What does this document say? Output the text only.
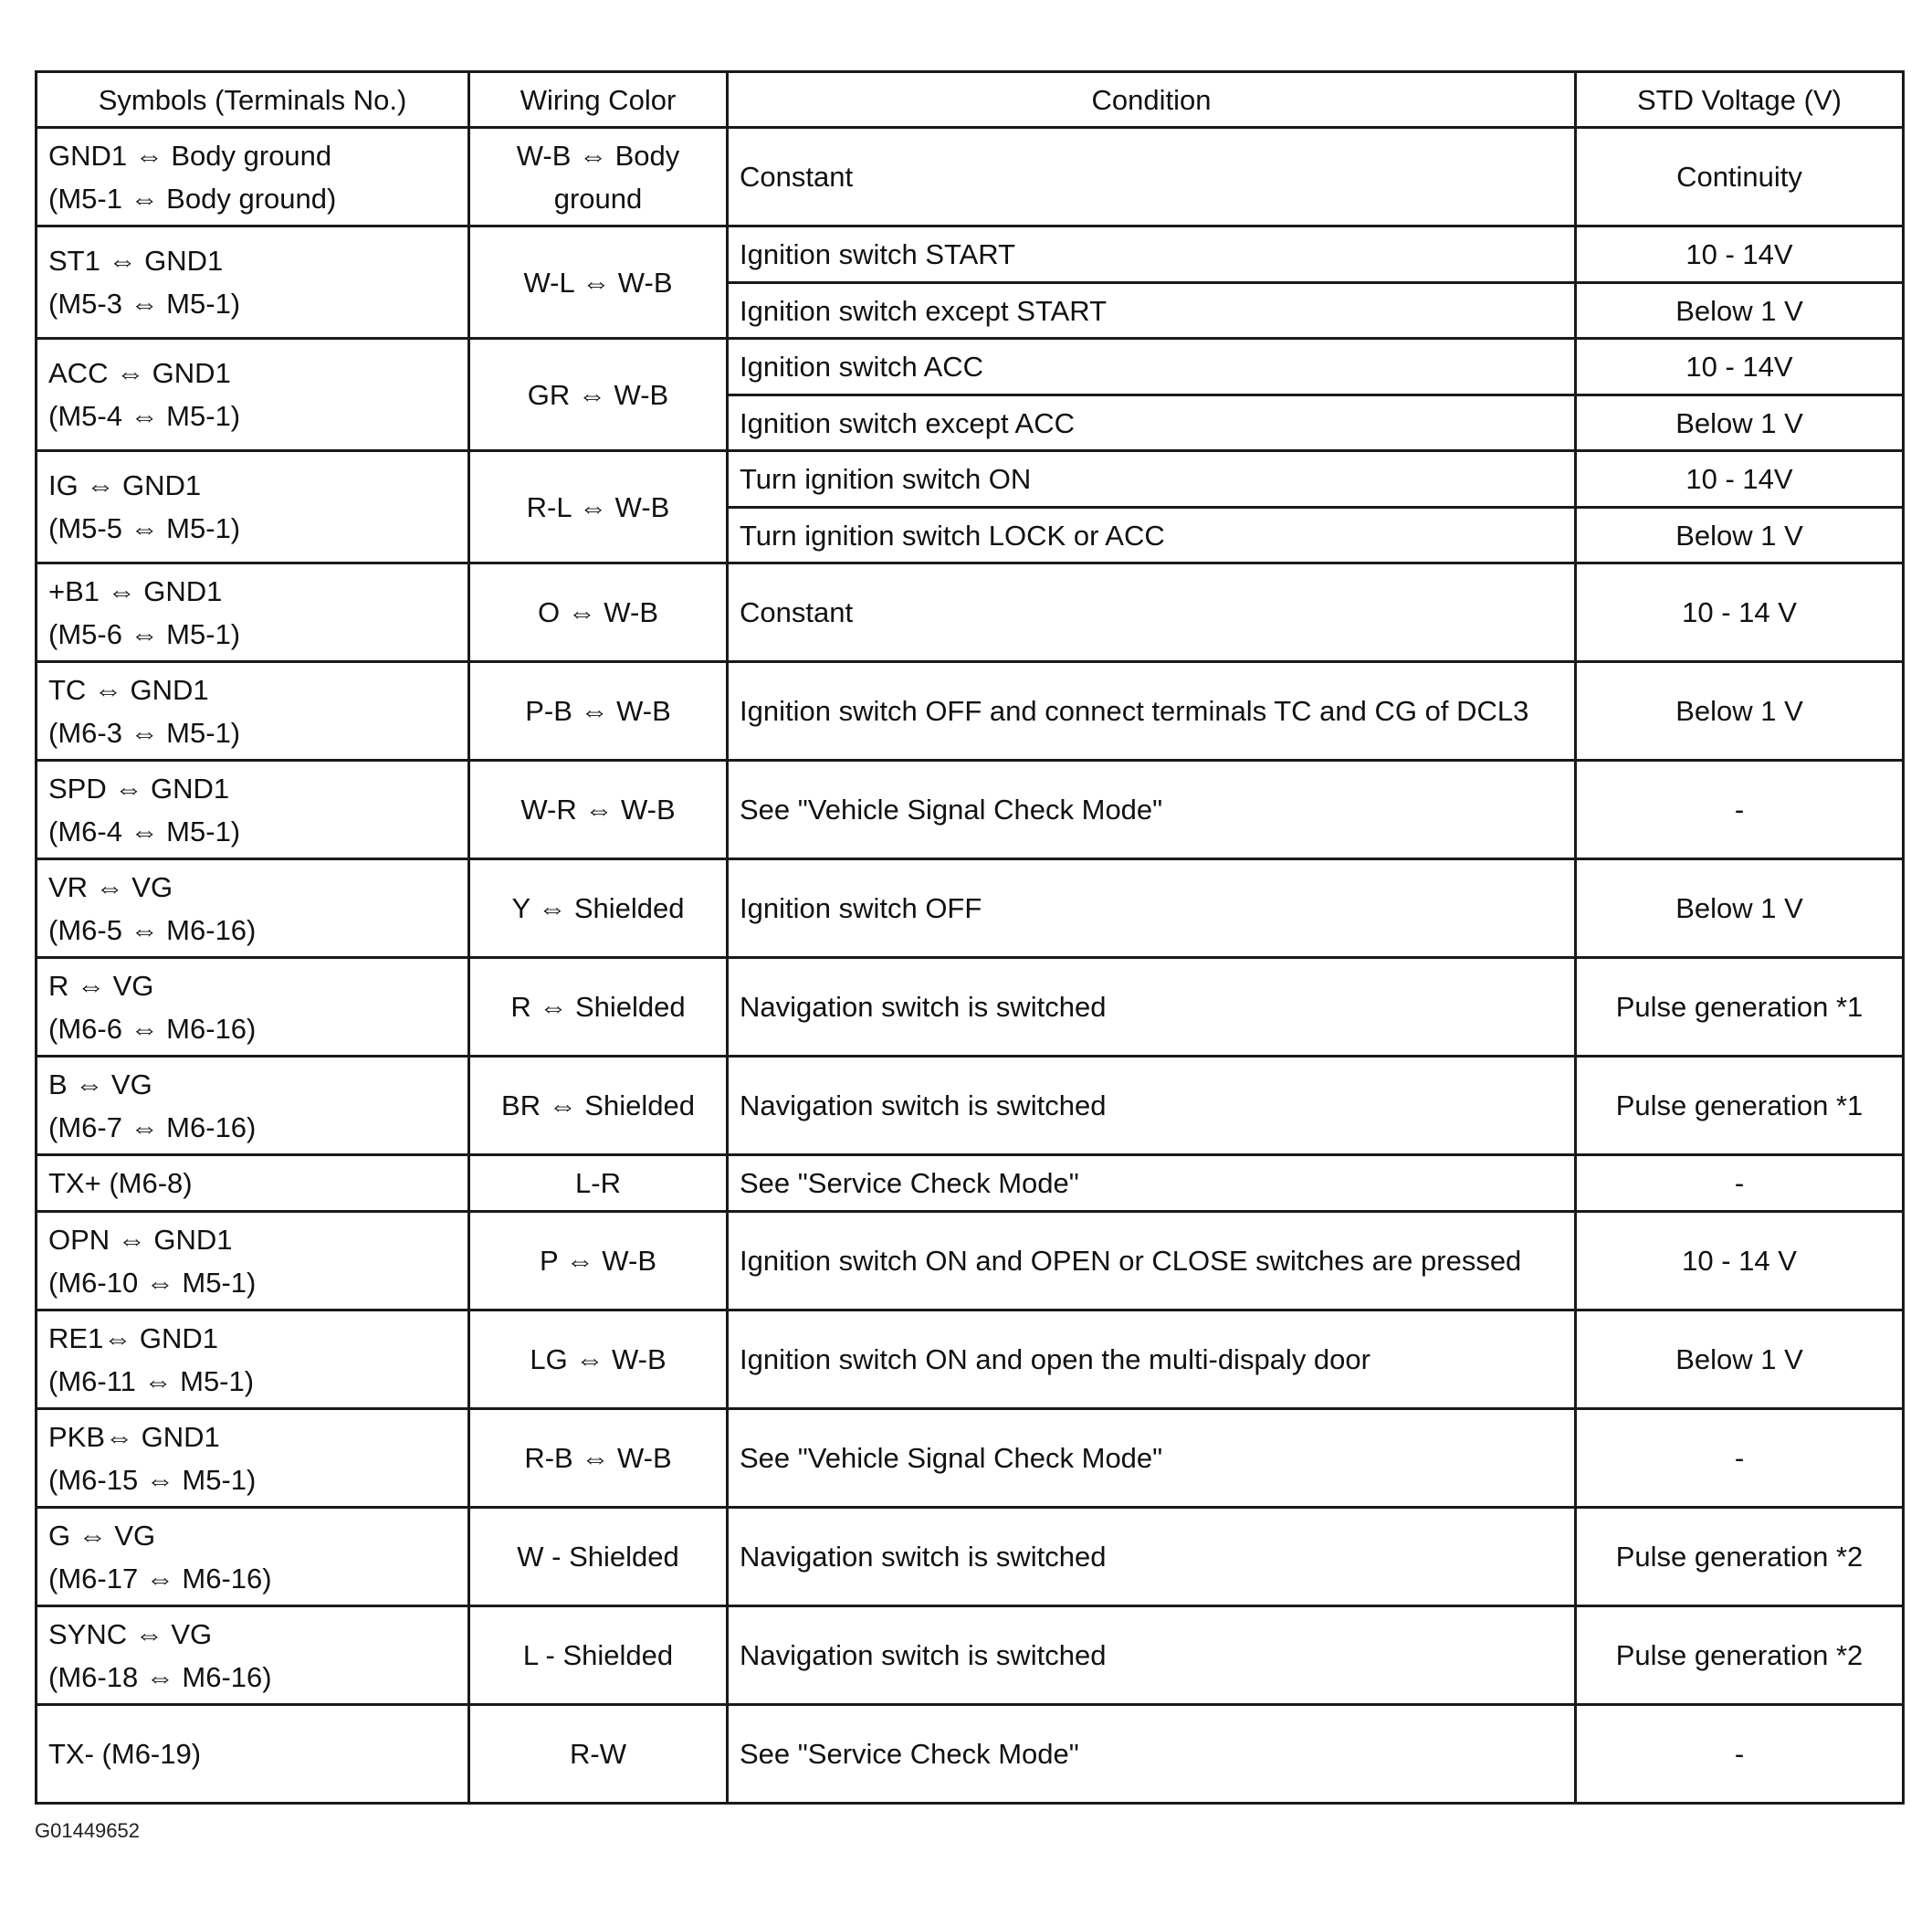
Symbols (Terminals No.)	Wiring Color	Condition	STD Voltage (V)

GND1 ⇔ Body ground
(M5-1 ⇔ Body ground)	W-B ⇔ Body ground	Constant	Continuity

ST1 ⇔ GND1
(M5-3 ⇔ M5-1)	W-L ⇔ W-B	Ignition switch START	10 - 14V
		Ignition switch except START	Below 1 V

ACC ⇔ GND1
(M5-4 ⇔ M5-1)	GR ⇔ W-B	Ignition switch ACC	10 - 14V
		Ignition switch except ACC	Below 1 V

IG ⇔ GND1
(M5-5 ⇔ M5-1)	R-L ⇔ W-B	Turn ignition switch ON	10 - 14V
		Turn ignition switch LOCK or ACC	Below 1 V

+B1 ⇔ GND1
(M5-6 ⇔ M5-1)	O ⇔ W-B	Constant	10 - 14 V

TC ⇔ GND1
(M6-3 ⇔ M5-1)	P-B ⇔ W-B	Ignition switch OFF and connect terminals TC and CG of DCL3	Below 1 V

SPD ⇔ GND1
(M6-4 ⇔ M5-1)	W-R ⇔ W-B	See "Vehicle Signal Check Mode"	-

VR ⇔ VG
(M6-5 ⇔ M6-16)	Y ⇔ Shielded	Ignition switch OFF	Below 1 V

R ⇔ VG
(M6-6 ⇔ M6-16)	R ⇔ Shielded	Navigation switch is switched	Pulse generation *1

B ⇔ VG
(M6-7 ⇔ M6-16)	BR ⇔ Shielded	Navigation switch is switched	Pulse generation *1

TX+ (M6-8)	L-R	See "Service Check Mode"	-

OPN ⇔ GND1
(M6-10 ⇔ M5-1)	P ⇔ W-B	Ignition switch ON and OPEN or CLOSE switches are pressed	10 - 14 V

RE1⇔ GND1
(M6-11 ⇔ M5-1)	LG ⇔ W-B	Ignition switch ON and open the multi-dispaly door	Below 1 V

PKB⇔ GND1
(M6-15 ⇔ M5-1)	R-B ⇔ W-B	See "Vehicle Signal Check Mode"	-

G ⇔ VG
(M6-17 ⇔ M6-16)	W - Shielded	Navigation switch is switched	Pulse generation *2

SYNC ⇔ VG
(M6-18 ⇔ M6-16)	L - Shielded	Navigation switch is switched	Pulse generation *2

TX- (M6-19)	R-W	See "Service Check Mode"	-
G01449652
